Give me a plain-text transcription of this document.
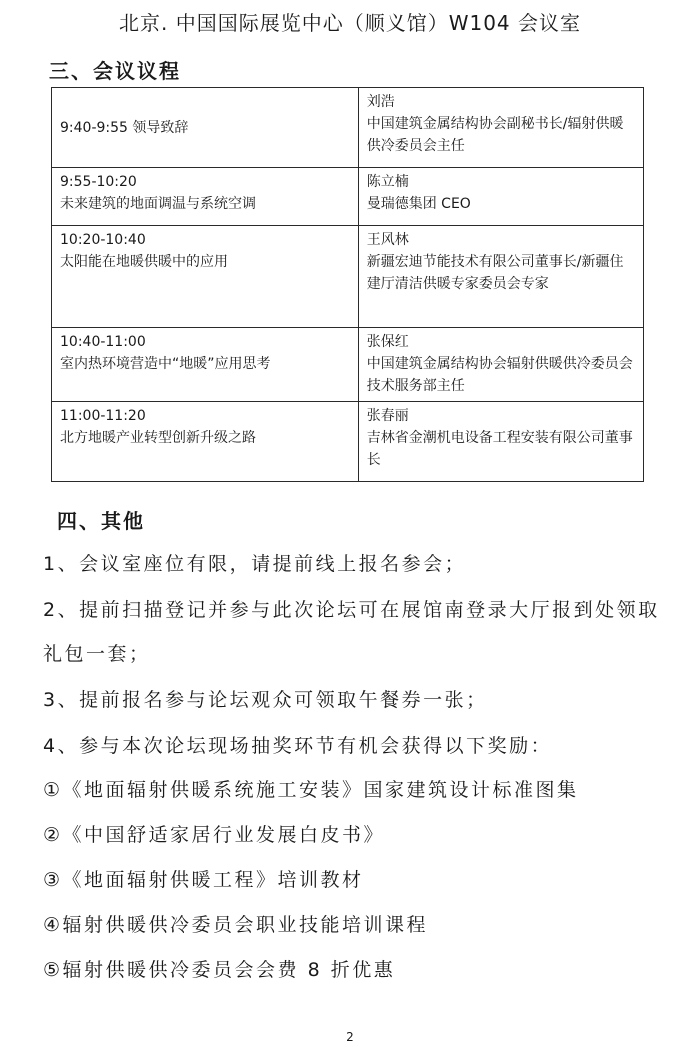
北京. 中国国际展览中心（顺义馆）W104 会议室
三、会议议程
9:40-9:55 领导致辞	刘浩
中国建筑金属结构协会副秘书长/辐射供暖供冷委员会主任

9:55-10:20
未来建筑的地面调温与系统空调	陈立楠
曼瑞德集团 CEO

10:20-10:40
太阳能在地暖供暖中的应用	王风林
新疆宏迪节能技术有限公司董事长/新疆住建厅清洁供暖专家委员会专家

10:40-11:00
室内热环境营造中“地暖”应用思考	张保红
中国建筑金属结构协会辐射供暖供冷委员会技术服务部主任

11:00-11:20
北方地暖产业转型创新升级之路	张春丽
吉林省金潮机电设备工程安装有限公司董事长
四、其他
1、会议室座位有限，请提前线上报名参会；
2、提前扫描登记并参与此次论坛可在展馆南登录大厅报到处领取礼包一套；
3、提前报名参与论坛观众可领取午餐券一张；
4、参与本次论坛现场抽奖环节有机会获得以下奖励：
①《地面辐射供暖系统施工安装》国家建筑设计标准图集
②《中国舒适家居行业发展白皮书》
③《地面辐射供暖工程》培训教材
④辐射供暖供冷委员会职业技能培训课程
⑤辐射供暖供冷委员会会费 8 折优惠
2
